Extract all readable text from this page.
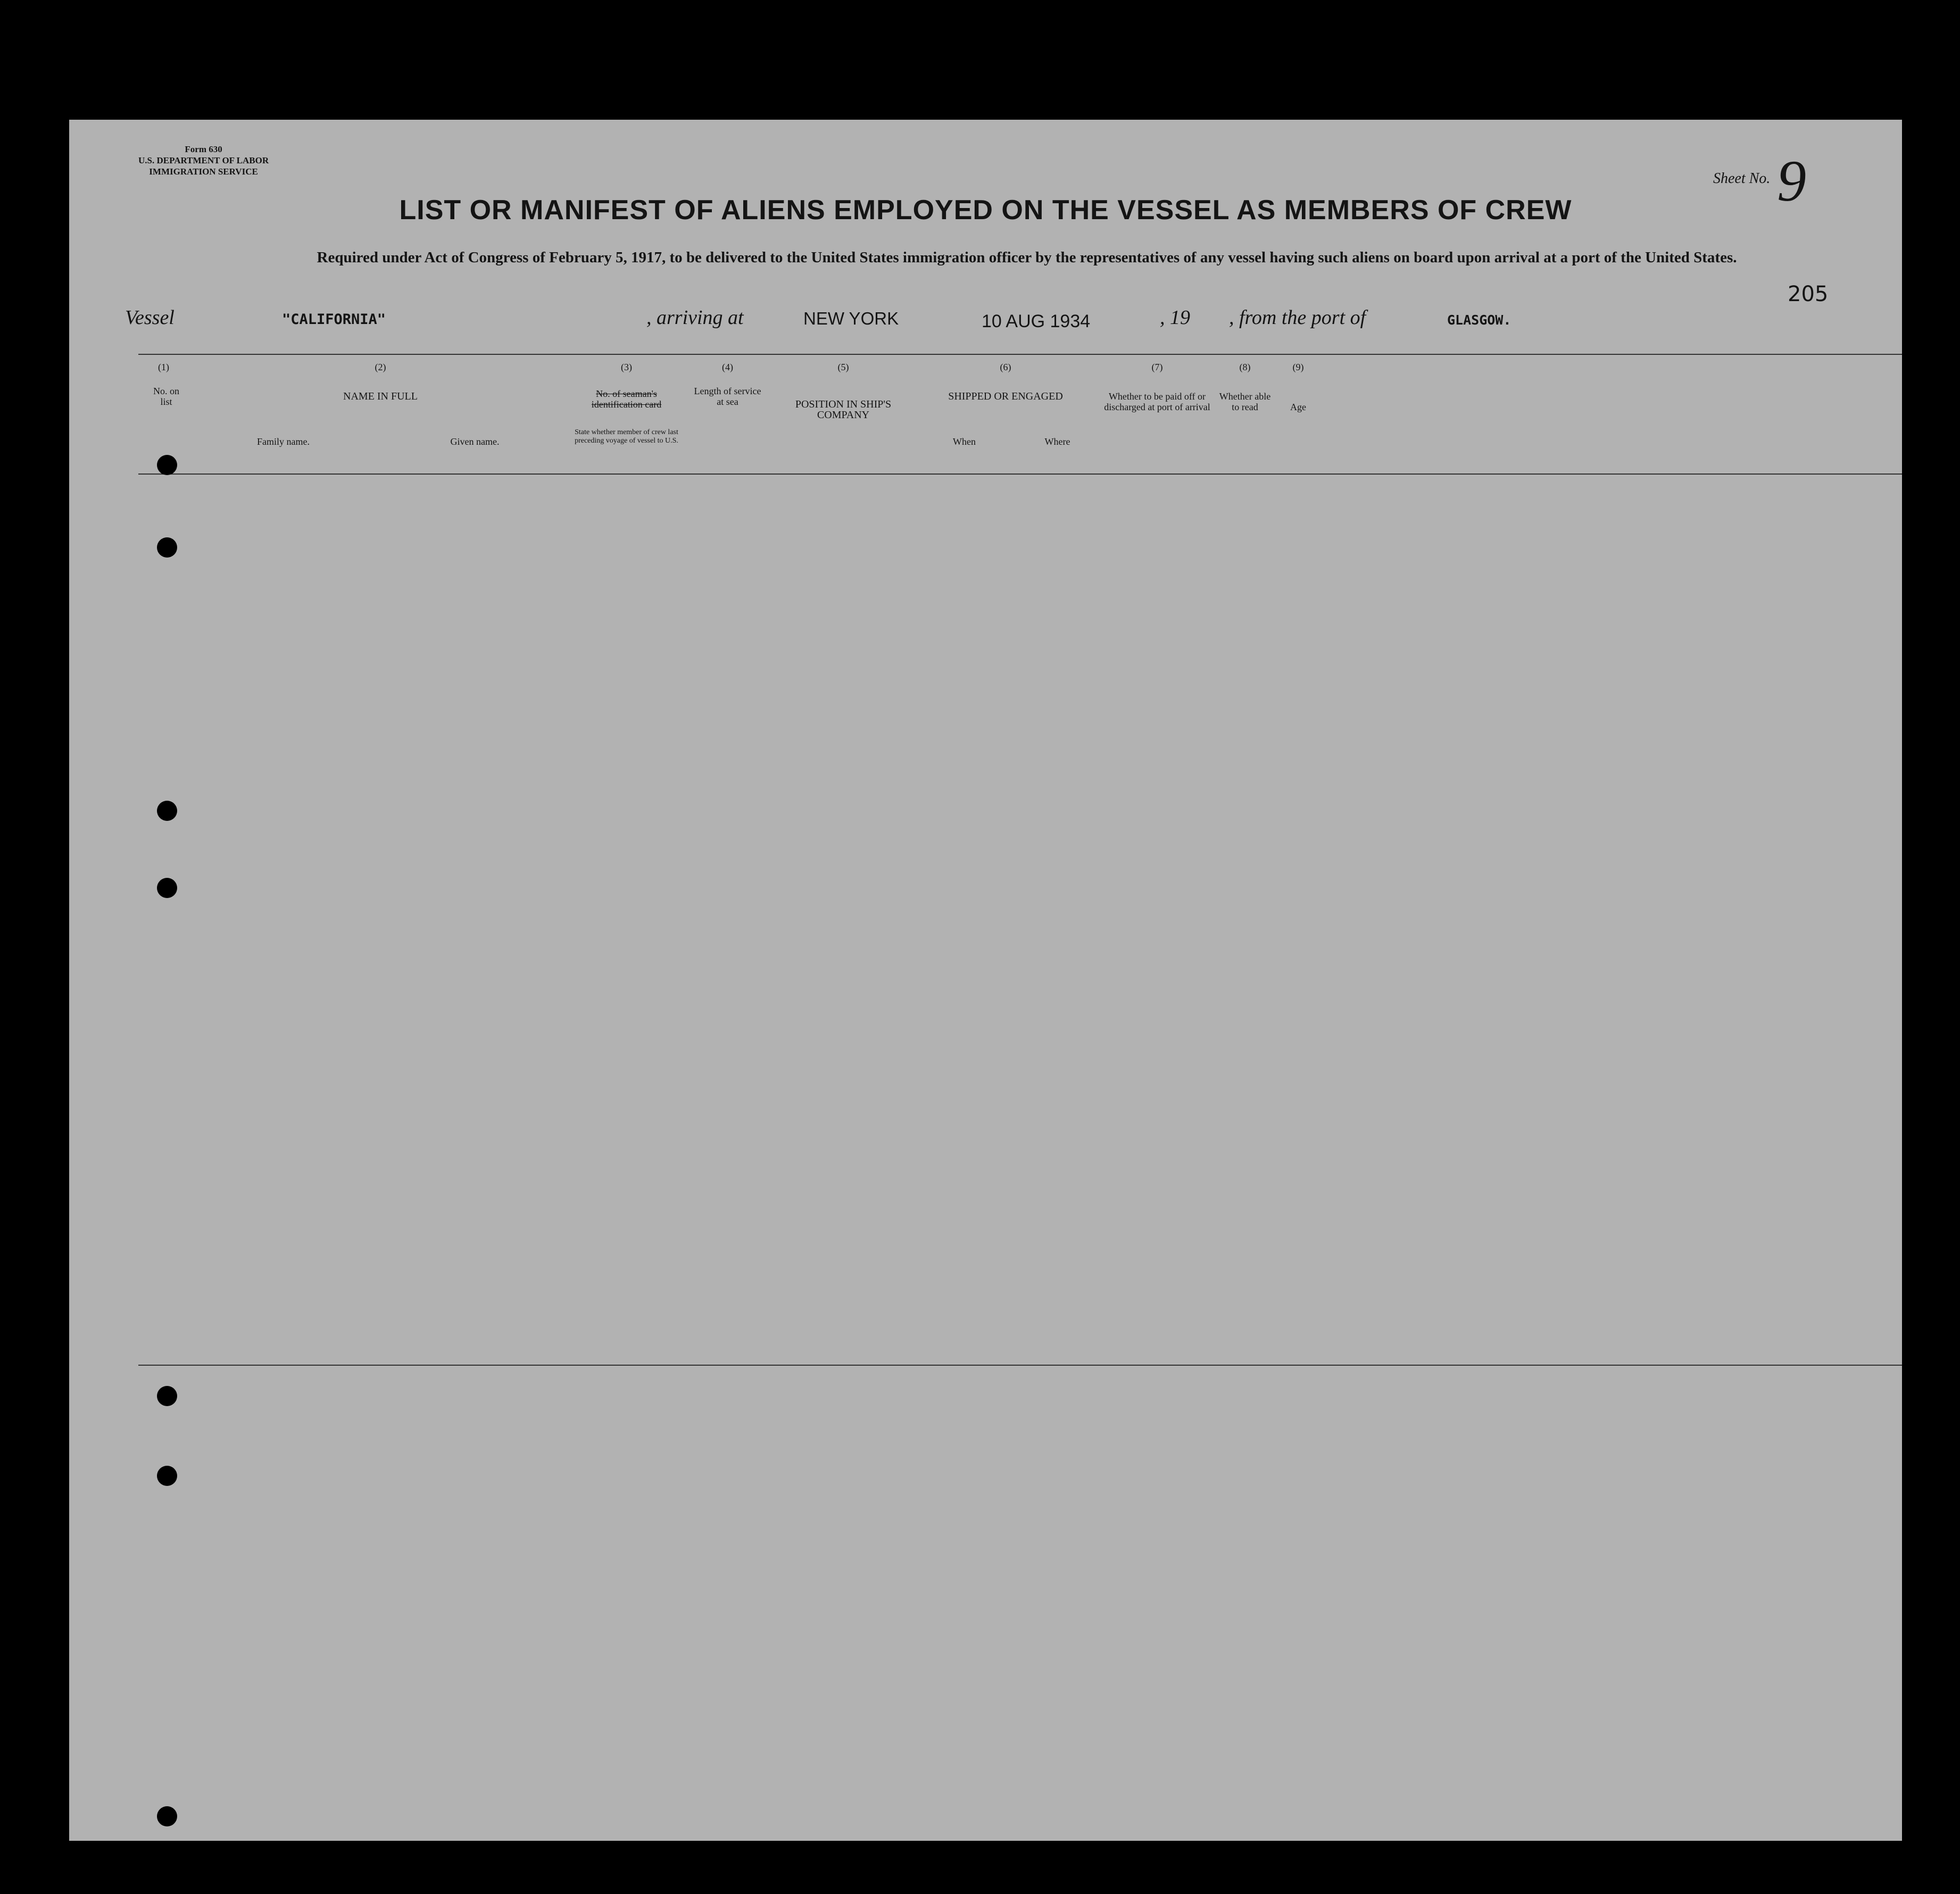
Form 630
U.S. DEPARTMENT OF LABOR
IMMIGRATION SERVICE	Sheet No. 9
LIST OR MANIFEST OF ALIENS EMPLOYED ON THE VESSEL AS MEMBERS OF CREW
Required under Act of Congress of February 5, 1917, to be delivered to the United States immigration officer by the representatives of any vessel having such aliens on board upon arrival at a port of the United States.
205
Vessel	"CALIFORNIA"	, arriving at	NEW YORK	10 AUG 1934	, 19 , from the port of	GLASGOW.
(1)
No. on list
(2)
NAME IN FULL
Family name.	Given name.
(3)
No. of seaman's identification card
State whether member of crew last preceding voyage of vessel to U.S.
(4)
Length of service at sea
(5)
POSITION IN SHIP'S COMPANY
(6)
SHIPPED OR ENGAGED
When	Where
(7)
Whether to be paid off or discharged at port of arrival
(8)
Whether able to read
(9)
Age
